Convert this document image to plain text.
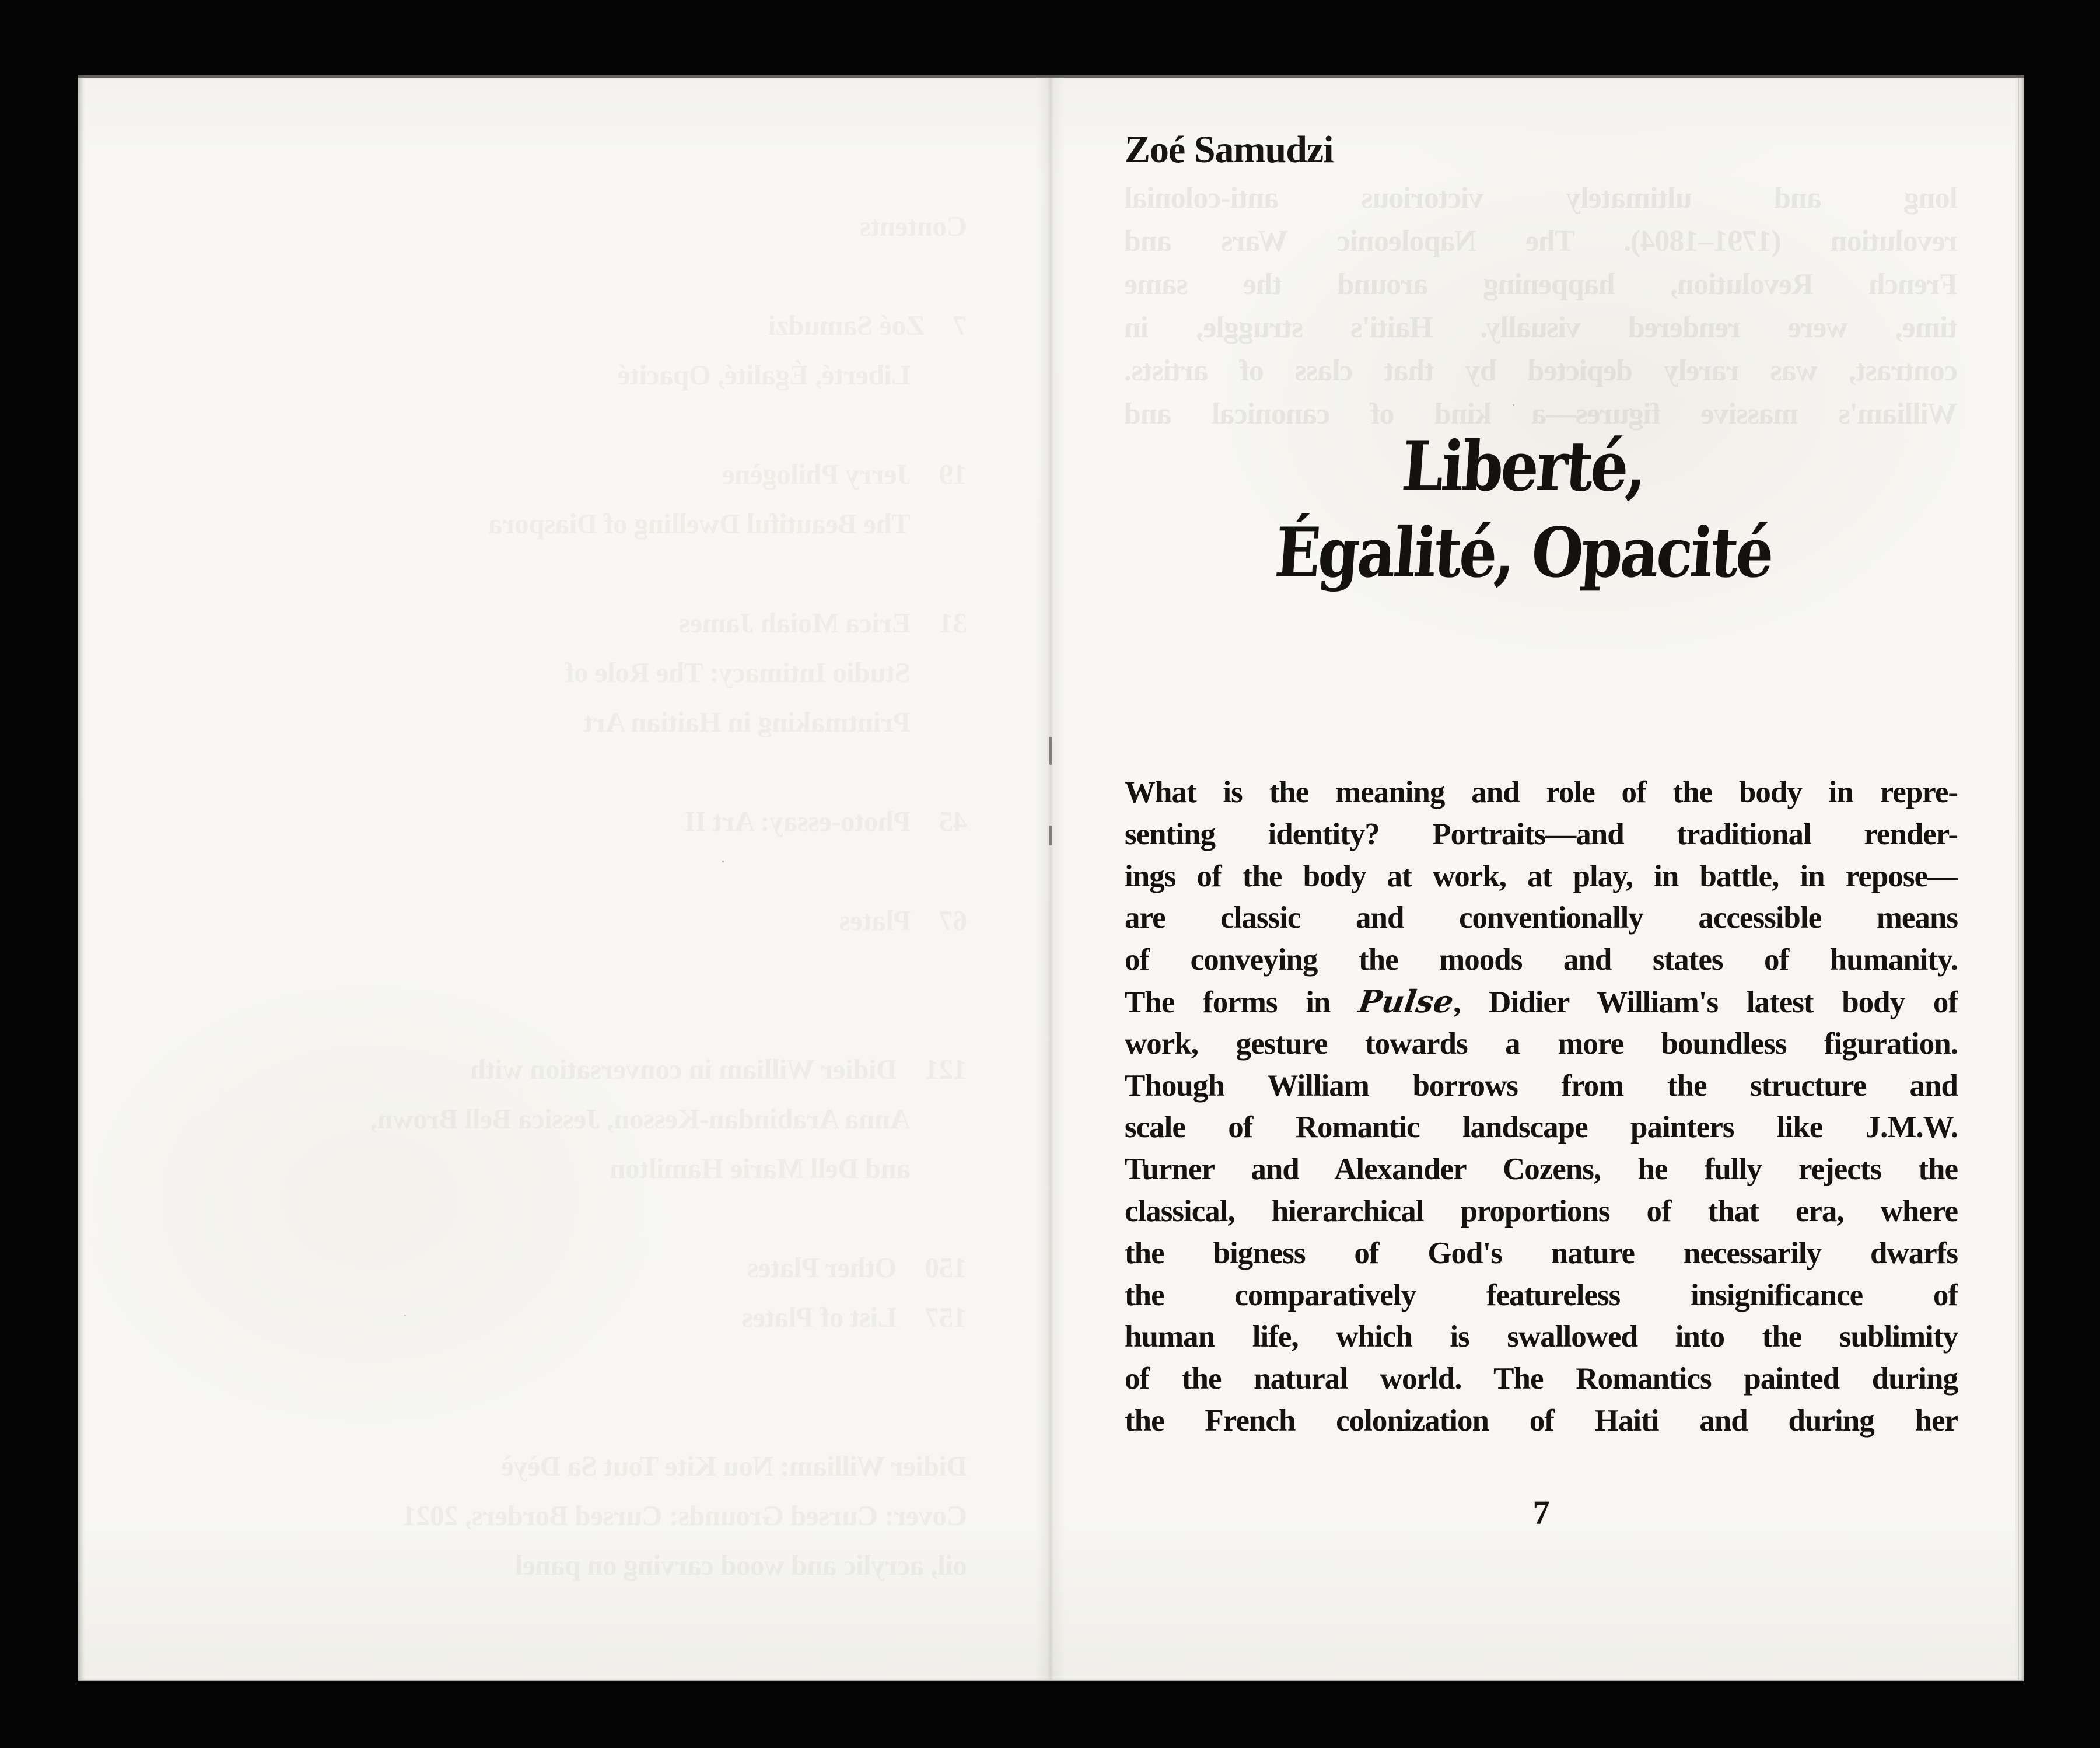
Contents

7 Zoé Samudzi
  Liberté, Égalité, Opacité

19 Jerry Philogène
  The Beautiful Dwelling of Diaspora

31 Erica Moiah James
  Studio Intimacy: The Role of
  Printmaking in Haitian Art

45 Photo-essay: Art II

67 Plates

121 Didier William in conversation with
  Anna Arabindan-Kesson, Jessica Bell Brown,
  and Dell Marie Hamilton

150 Other Plates
157 List of Plates

Didier William: Nou Kite Tout Sa Dèyè
Cover: Cursed Grounds: Cursed Borders, 2021
oil, acrylic and wood carving on panel
long and ultimately victorious anti-colonial
revolution (1791–1804). The Napoleonic Wars and
French Revolution, happening around the same
time, were rendered visually. Haiti's struggle, in
contrast, was rarely depicted by that class of artists.
William's massive figures—a kind of canonical and
Zoé Samudzi
Liberté,
Égalité, Opacité
What is the meaning and role of the body in repre-
senting identity? Portraits—and traditional render-
ings of the body at work, at play, in battle, in repose—
are classic and conventionally accessible means
of conveying the moods and states of humanity.
The forms in Pulse, Didier William's latest body of
work, gesture towards a more boundless figuration.
Though William borrows from the structure and
scale of Romantic landscape painters like J.M.W.
Turner and Alexander Cozens, he fully rejects the
classical, hierarchical proportions of that era, where
the bigness of God's nature necessarily dwarfs
the comparatively featureless insignificance of
human life, which is swallowed into the sublimity
of the natural world. The Romantics painted during
the French colonization of Haiti and during her
7
